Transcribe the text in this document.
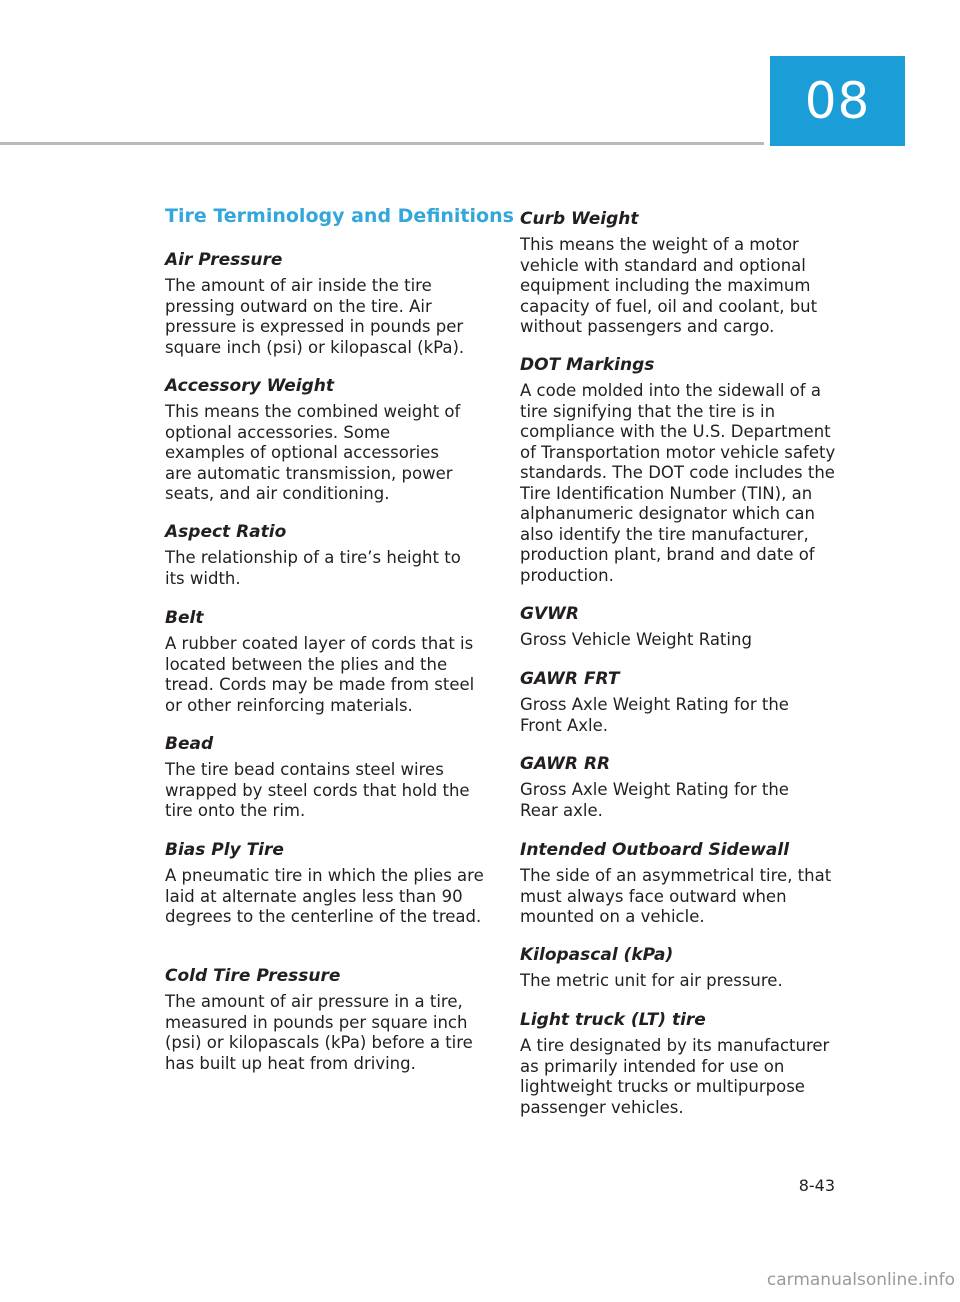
08
Tire Terminology and Definitions
Air Pressure
The amount of air inside the tire pressing outward on the tire. Air pressure is expressed in pounds per square inch (psi) or kilopascal (kPa).
Accessory Weight
This means the combined weight of optional accessories. Some examples of optional accessories are automatic transmission, power seats, and air conditioning.
Aspect Ratio
The relationship of a tire’s height to its width.
Belt
A rubber coated layer of cords that is located between the plies and the tread. Cords may be made from steel or other reinforcing materials.
Bead
The tire bead contains steel wires wrapped by steel cords that hold the tire onto the rim.
Bias Ply Tire
A pneumatic tire in which the plies are laid at alternate angles less than 90 degrees to the centerline of the tread.
Cold Tire Pressure
The amount of air pressure in a tire, measured in pounds per square inch (psi) or kilopascals (kPa) before a tire has built up heat from driving.
Curb Weight
This means the weight of a motor vehicle with standard and optional equipment including the maximum capacity of fuel, oil and coolant, but without passengers and cargo.
DOT Markings
A code molded into the sidewall of a tire signifying that the tire is in compliance with the U.S. Department of Transportation motor vehicle safety standards. The DOT code includes the Tire Identification Number (TIN), an alphanumeric designator which can also identify the tire manufacturer, production plant, brand and date of production.
GVWR
Gross Vehicle Weight Rating
GAWR FRT
Gross Axle Weight Rating for the Front Axle.
GAWR RR
Gross Axle Weight Rating for the Rear axle.
Intended Outboard Sidewall
The side of an asymmetrical tire, that must always face outward when mounted on a vehicle.
Kilopascal (kPa)
The metric unit for air pressure.
Light truck (LT) tire
A tire designated by its manufacturer as primarily intended for use on lightweight trucks or multipurpose passenger vehicles.
8-43
carmanualsonline.info
